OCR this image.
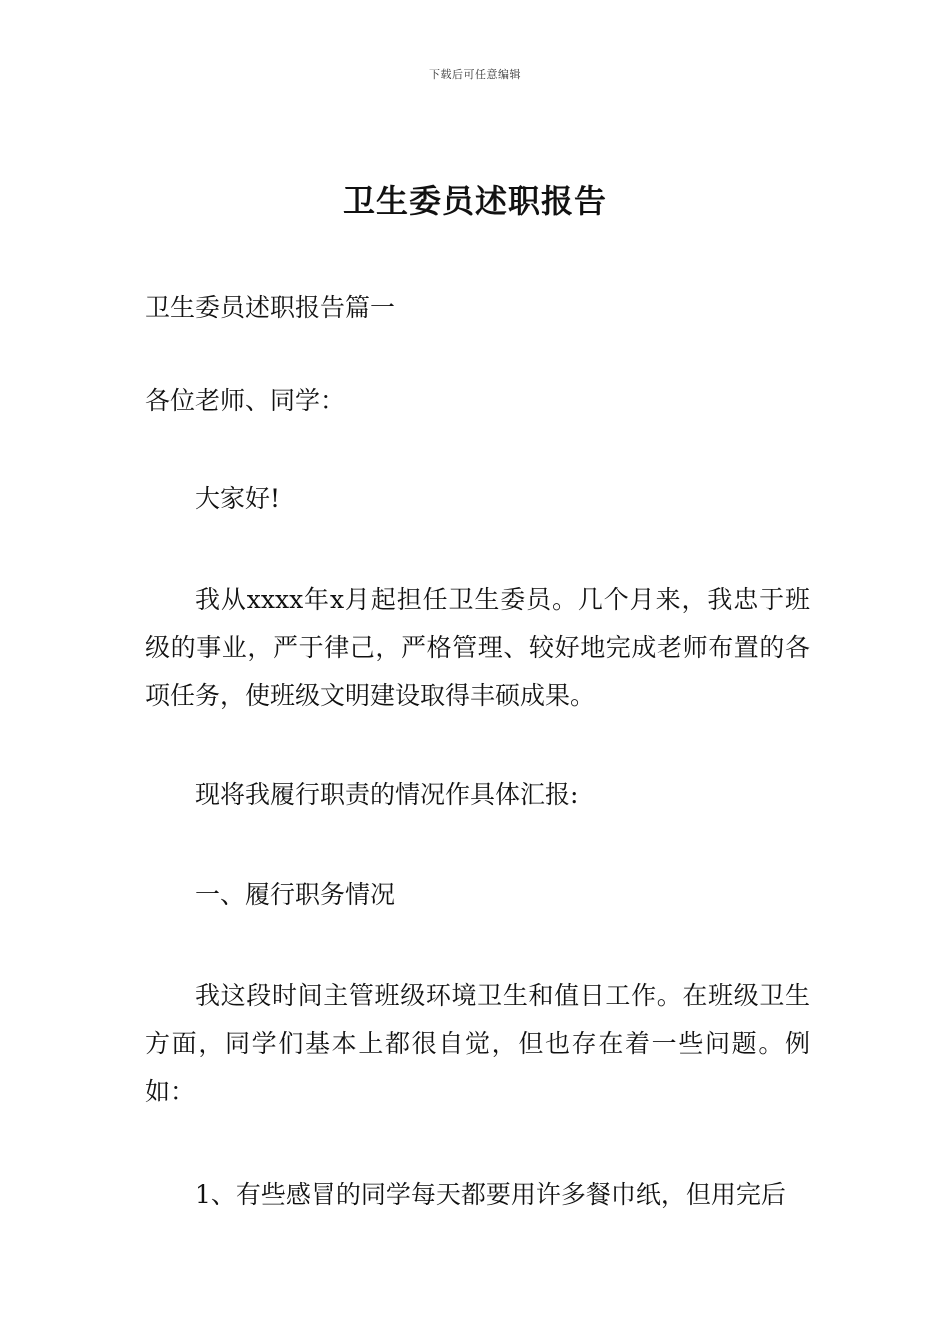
下载后可任意编辑
卫生委员述职报告
卫生委员述职报告篇一
各位老师、同学：
大家好!
我从xxxx年x月起担任卫生委员。几个月来，我忠于班级的事业，严于律己，严格管理、较好地完成老师布置的各项任务，使班级文明建设取得丰硕成果。
现将我履行职责的情况作具体汇报:
一、履行职务情况
我这段时间主管班级环境卫生和值日工作。在班级卫生方面，同学们基本上都很自觉，但也存在着一些问题。例如：
1、有些感冒的同学每天都要用许多餐巾纸，但用完后
